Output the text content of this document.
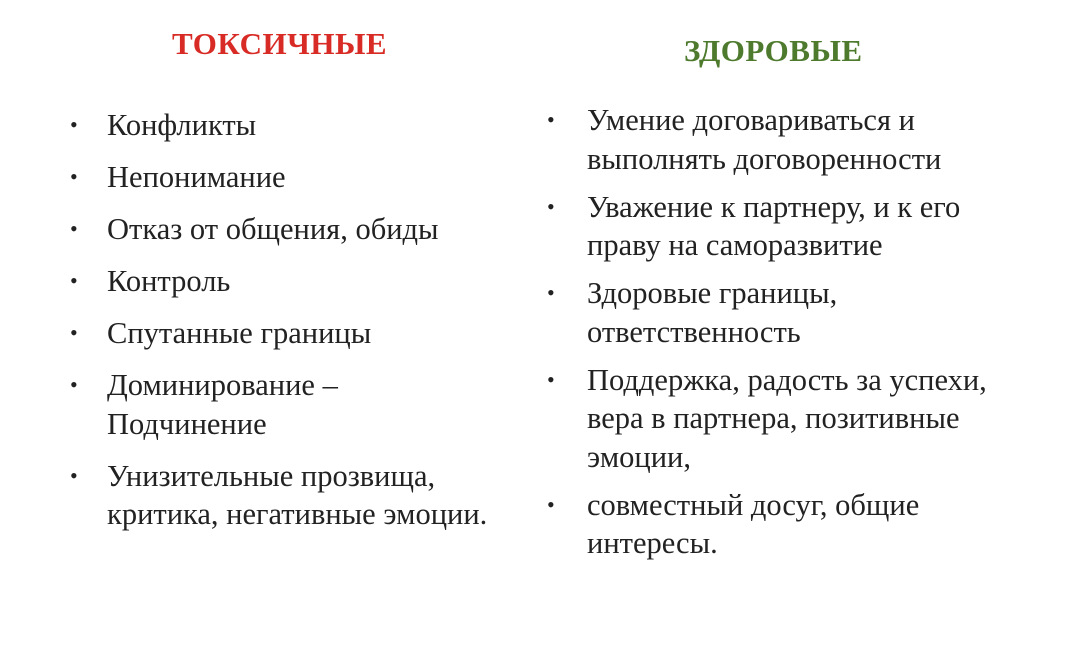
ТОКСИЧНЫЕ
• Конфликты
• Непонимание
• Отказ от общения, обиды
• Контроль
• Спутанные границы
• Доминирование – Подчинение
• Унизительные прозвища, критика, негативные эмоции.
ЗДОРОВЫЕ
• Умение договариваться и выполнять договоренности
• Уважение к партнеру, и к его праву на саморазвитие
• Здоровые границы, ответственность
• Поддержка, радость за успехи, вера в партнера, позитивные эмоции,
• совместный досуг, общие интересы.
